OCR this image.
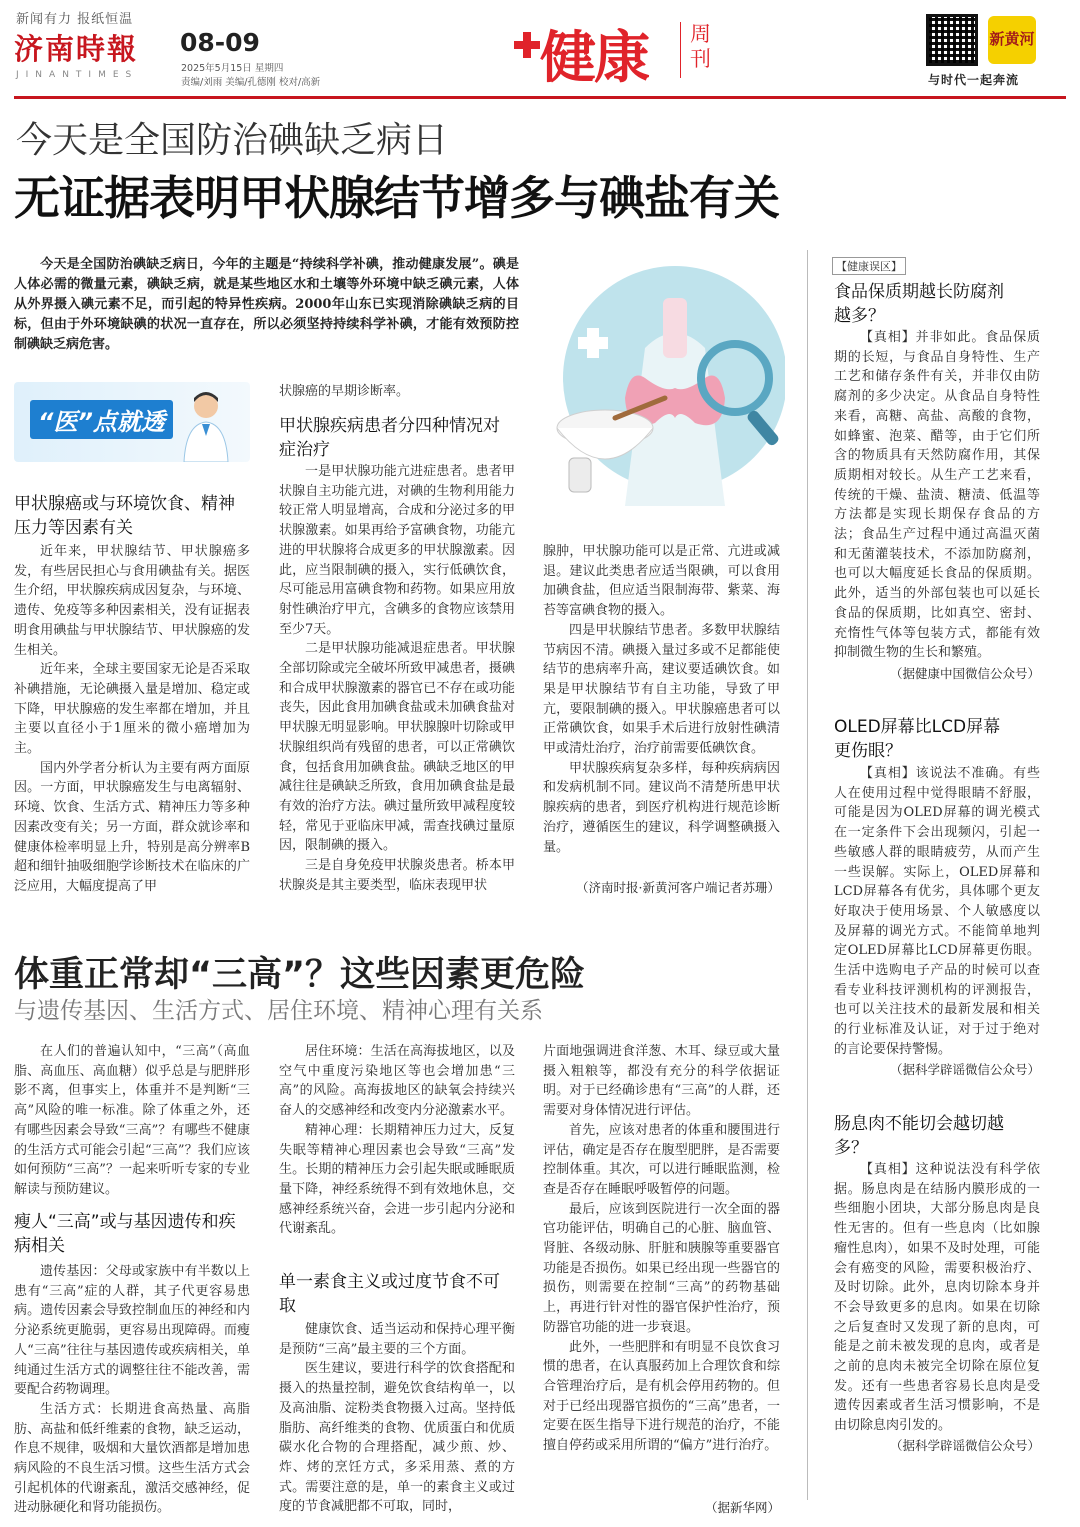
新闻有力 报纸恒温
济南時報
JINANTIMES
08-09
2025年5月15日 星期四
责编/刘雨 美编/孔德刚 校对/高新	健康 周刊
新黄河
与时代一起奔流
今天是全国防治碘缺乏病日
无证据表明甲状腺结节增多与碘盐有关
今天是全国防治碘缺乏病日，今年的主题是“持续科学补碘，推动健康发展”。碘是人体必需的微量元素，碘缺乏病，就是某些地区水和土壤等外环境中缺乏碘元素，人体从外界摄入碘元素不足，而引起的特异性疾病。2000年山东已实现消除碘缺乏病的目标，但由于外环境缺碘的状况一直存在，所以必须坚持持续科学补碘，才能有效预防控制碘缺乏病危害。
“医”点就透
甲状腺癌或与环境饮食、精神压力等因素有关

近年来，甲状腺结节、甲状腺癌多发，有些居民担心与食用碘盐有关。据医生介绍，甲状腺疾病成因复杂，与环境、遗传、免疫等多种因素相关，没有证据表明食用碘盐与甲状腺结节、甲状腺癌的发生相关。

近年来，全球主要国家无论是否采取补碘措施，无论碘摄入量是增加、稳定或下降，甲状腺癌的发生率都在增加，并且主要以直径小于1厘米的微小癌增加为主。

国内外学者分析认为主要有两方面原因。一方面，甲状腺癌发生与电离辐射、环境、饮食、生活方式、精神压力等多种因素改变有关；另一方面，群众就诊率和健康体检率明显上升，特别是高分辨率B超和细针抽吸细胞学诊断技术在临床的广泛应用，大幅度提高了甲

状腺癌的早期诊断率。
甲状腺疾病患者分四种情况对症治疗

一是甲状腺功能亢进症患者。患者甲状腺自主功能亢进，对碘的生物利用能力较正常人明显增高，合成和分泌过多的甲状腺激素。如果再给予富碘食物，功能亢进的甲状腺将合成更多的甲状腺激素。因此，应当限制碘的摄入，实行低碘饮食，尽可能忌用富碘食物和药物。如果应用放射性碘治疗甲亢，含碘多的食物应该禁用至少7天。

二是甲状腺功能减退症患者。甲状腺全部切除或完全破坏所致甲减患者，摄碘和合成甲状腺激素的器官已不存在或功能丧失，因此食用加碘食盐或未加碘食盐对甲状腺无明显影响。甲状腺腺叶切除或甲状腺组织尚有残留的患者，可以正常碘饮食，包括食用加碘食盐。碘缺乏地区的甲减往往是碘缺乏所致，食用加碘食盐是最有效的治疗方法。碘过量所致甲减程度较轻，常见于亚临床甲减，需查找碘过量原因，限制碘的摄入。

三是自身免疫甲状腺炎患者。桥本甲状腺炎是其主要类型，临床表现甲状

腺肿，甲状腺功能可以是正常、亢进或减退。建议此类患者应适当限碘，可以食用加碘食盐，但应适当限制海带、紫菜、海苔等富碘食物的摄入。

四是甲状腺结节患者。多数甲状腺结节病因不清。碘摄入量过多或不足都能使结节的患病率升高，建议要适碘饮食。如果是甲状腺结节有自主功能，导致了甲亢，要限制碘的摄入。甲状腺癌患者可以正常碘饮食，如果手术后进行放射性碘清甲或清灶治疗，治疗前需要低碘饮食。

甲状腺疾病复杂多样，每种疾病病因和发病机制不同。建议尚不清楚所患甲状腺疾病的患者，到医疗机构进行规范诊断治疗，遵循医生的建议，科学调整碘摄入量。

（济南时报·新黄河客户端记者苏珊）
体重正常却“三高”？这些因素更危险
与遗传基因、生活方式、居住环境、精神心理有关系

在人们的普遍认知中，“三高”（高血脂、高血压、高血糖）似乎总是与肥胖形影不离，但事实上，体重并不是判断“三高”风险的唯一标准。除了体重之外，还有哪些因素会导致“三高”？有哪些不健康的生活方式可能会引起“三高”？我们应该如何预防“三高”？一起来听听专家的专业解读与预防建议。

瘦人“三高”或与基因遗传和疾病相关

遗传基因：父母或家族中有半数以上患有“三高”症的人群，其子代更容易患病。遗传因素会导致控制血压的神经和内分泌系统更脆弱，更容易出现障碍。而瘦人“三高”往往与基因遗传或疾病相关，单纯通过生活方式的调整往往不能改善，需要配合药物调理。

生活方式：长期进食高热量、高脂肪、高盐和低纤维素的食物，缺乏运动，作息不规律，吸烟和大量饮酒都是增加患病风险的不良生活习惯。这些生活方式会引起机体的代谢紊乱，激活交感神经，促进动脉硬化和肾功能损伤。

居住环境：生活在高海拔地区，以及空气中重度污染地区等也会增加患“三高”的风险。高海拔地区的缺氧会持续兴奋人的交感神经和改变内分泌激素水平。

精神心理：长期精神压力过大，反复失眠等精神心理因素也会导致“三高”发生。长期的精神压力会引起失眠或睡眠质量下降，神经系统得不到有效地休息，交感神经系统兴奋，会进一步引起内分泌和代谢紊乱。

单一素食主义或过度节食不可取

健康饮食、适当运动和保持心理平衡是预防“三高”最主要的三个方面。

医生建议，要进行科学的饮食搭配和摄入的热量控制，避免饮食结构单一，以及高油脂、淀粉类食物摄入过高。坚持低脂肪、高纤维类的食物、优质蛋白和优质碳水化合物的合理搭配，减少煎、炒、炸、烤的烹饪方式，多采用蒸、煮的方式。需要注意的是，单一的素食主义或过度的节食减肥都不可取，同时，

片面地强调进食洋葱、木耳、绿豆或大量摄入粗粮等，都没有充分的科学依据证明。对于已经确诊患有“三高”的人群，还需要对身体情况进行评估。

首先，应该对患者的体重和腰围进行评估，确定是否存在腹型肥胖，是否需要控制体重。其次，可以进行睡眠监测，检查是否存在睡眠呼吸暂停的问题。

最后，应该到医院进行一次全面的器官功能评估，明确自己的心脏、脑血管、肾脏、各级动脉、肝脏和胰腺等重要器官功能是否损伤。如果已经出现一些器官的损伤，则需要在控制“三高”的药物基础上，再进行针对性的器官保护性治疗，预防器官功能的进一步衰退。

此外，一些肥胖和有明显不良饮食习惯的患者，在认真服药加上合理饮食和综合管理治疗后，是有机会停用药物的。但对于已经出现器官损伤的“三高”患者，一定要在医生指导下进行规范的治疗，不能擅自停药或采用所谓的“偏方”进行治疗。

（据新华网）
【健康误区】
食品保质期越长防腐剂越多？

【真相】并非如此。食品保质期的长短，与食品自身特性、生产工艺和储存条件有关，并非仅由防腐剂的多少决定。从食品自身特性来看，高糖、高盐、高酸的食物，如蜂蜜、泡菜、醋等，由于它们所含的物质具有天然防腐作用，其保质期相对较长。从生产工艺来看，传统的干燥、盐渍、糖渍、低温等方法都是实现长期保存食品的方法；食品生产过程中通过高温灭菌和无菌灌装技术，不添加防腐剂，也可以大幅度延长食品的保质期。此外，适当的外部包装也可以延长食品的保质期，比如真空、密封、充惰性气体等包装方式，都能有效抑制微生物的生长和繁殖。

（据健康中国微信公众号）
OLED屏幕比LCD屏幕更伤眼？

【真相】该说法不准确。有些人在使用过程中觉得眼睛不舒服，可能是因为OLED屏幕的调光模式在一定条件下会出现频闪，引起一些敏感人群的眼睛疲劳，从而产生一些误解。实际上，OLED屏幕和LCD屏幕各有优劣，具体哪个更友好取决于使用场景、个人敏感度以及屏幕的调光方式。不能简单地判定OLED屏幕比LCD屏幕更伤眼。生活中选购电子产品的时候可以查看专业科技评测机构的评测报告，也可以关注技术的最新发展和相关的行业标准及认证，对于过于绝对的言论要保持警惕。

（据科学辟谣微信公众号）
肠息肉不能切会越切越多？

【真相】这种说法没有科学依据。肠息肉是在结肠内膜形成的一些细胞小团块，大部分肠息肉是良性无害的。但有一些息肉（比如腺瘤性息肉），如果不及时处理，可能会有癌变的风险，需要积极治疗、及时切除。此外，息肉切除本身并不会导致更多的息肉。如果在切除之后复查时又发现了新的息肉，可能是之前未被发现的息肉，或者是之前的息肉未被完全切除在原位复发。还有一些患者容易长息肉是受遗传因素或者生活习惯影响，不是由切除息肉引发的。

（据科学辟谣微信公众号）
